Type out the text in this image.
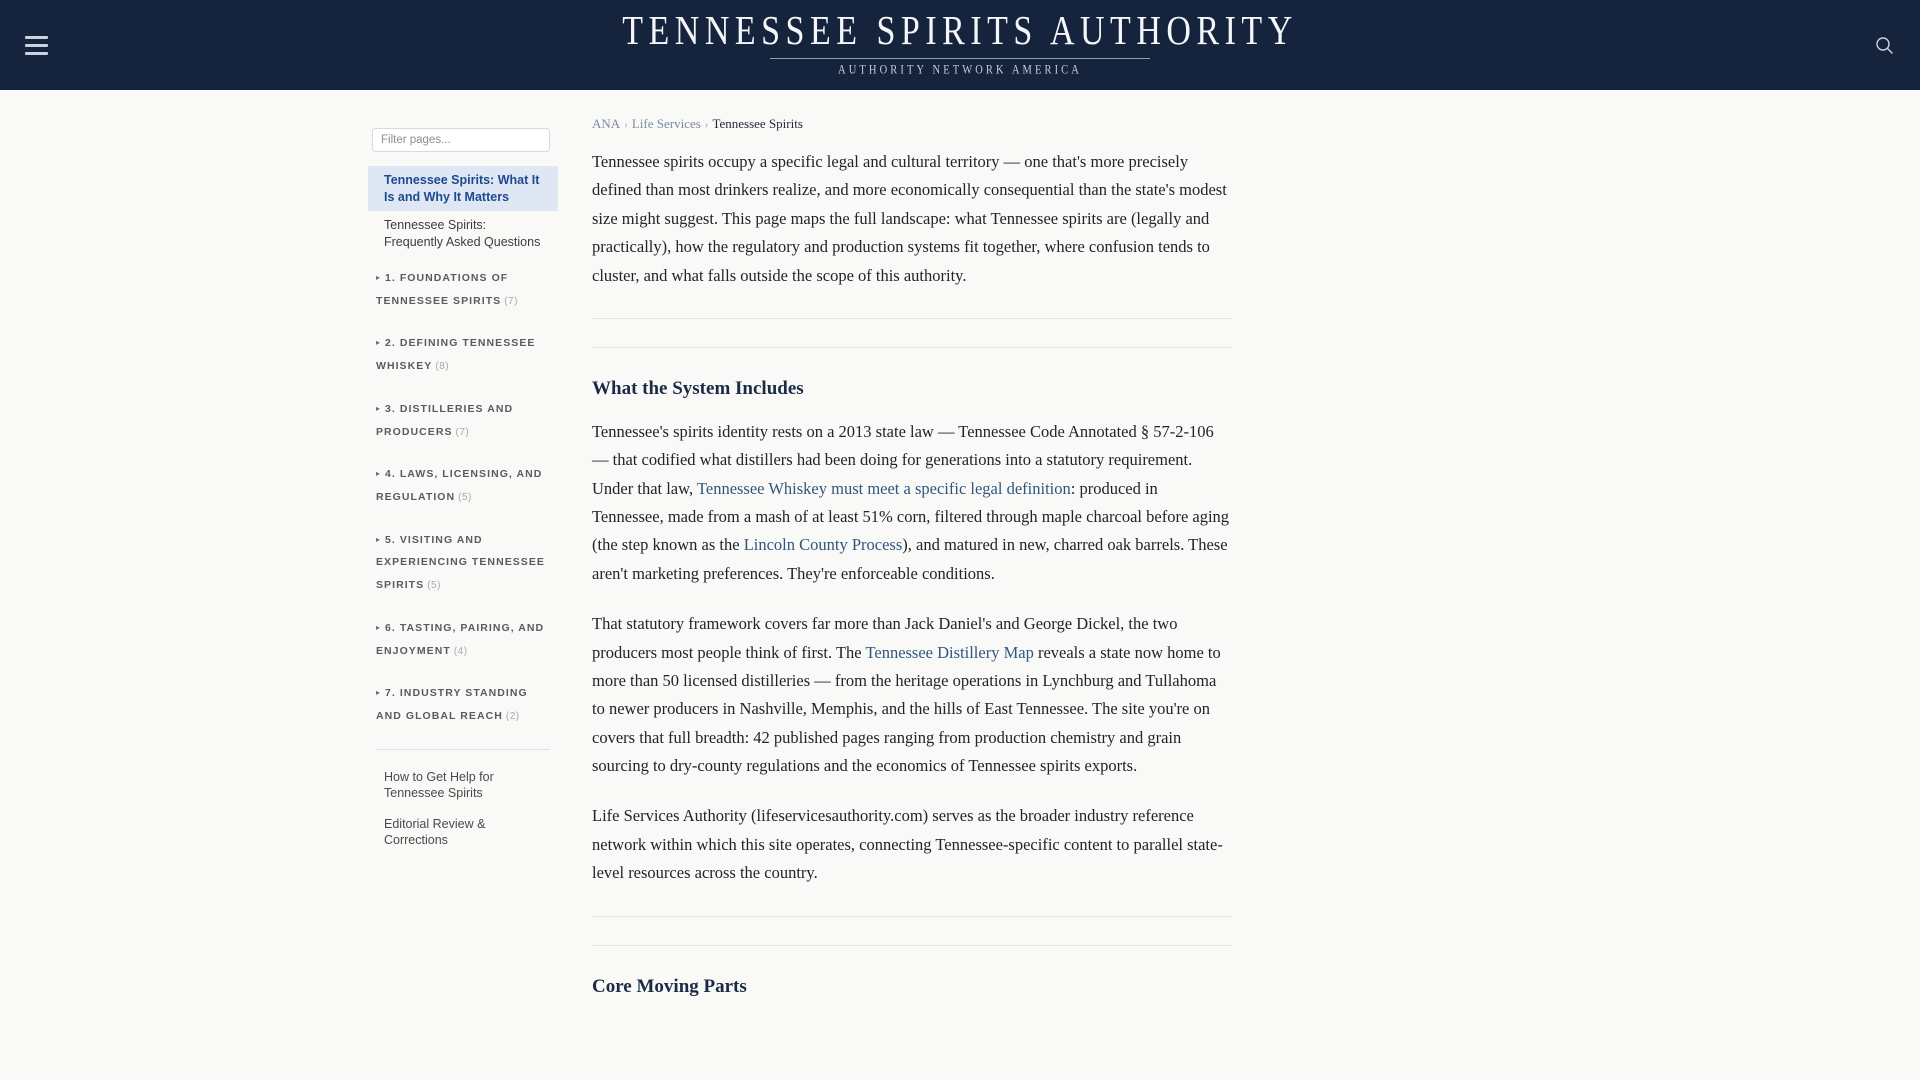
TENNESSEE SPIRITS AUTHORITY
AUTHORITY NETWORK AMERICA
Filter pages...
Tennessee Spirits: What It Is and Why It Matters
Tennessee Spirits: Frequently Asked Questions
▸ 1. FOUNDATIONS OF TENNESSEE SPIRITS (7)
▸ 2. DEFINING TENNESSEE WHISKEY (8)
▸ 3. DISTILLERIES AND PRODUCERS (7)
▸ 4. LAWS, LICENSING, AND REGULATION (5)
▸ 5. VISITING AND EXPERIENCING TENNESSEE SPIRITS (5)
▸ 6. TASTING, PAIRING, AND ENJOYMENT (4)
▸ 7. INDUSTRY STANDING AND GLOBAL REACH (2)
How to Get Help for Tennessee Spirits
Editorial Review & Corrections
ANA › Life Services › Tennessee Spirits

Tennessee spirits occupy a specific legal and cultural territory — one that's more precisely defined than most drinkers realize, and more economically consequential than the state's modest size might suggest. This page maps the full landscape: what Tennessee spirits are (legally and practically), how the regulatory and production systems fit together, where confusion tends to cluster, and what falls outside the scope of this authority.

What the System Includes

Tennessee's spirits identity rests on a 2013 state law — Tennessee Code Annotated § 57-2-106 — that codified what distillers had been doing for generations into a statutory requirement. Under that law, Tennessee Whiskey must meet a specific legal definition: produced in Tennessee, made from a mash of at least 51% corn, filtered through maple charcoal before aging (the step known as the Lincoln County Process), and matured in new, charred oak barrels. These aren't marketing preferences. They're enforceable conditions.

That statutory framework covers far more than Jack Daniel's and George Dickel, the two producers most people think of first. The Tennessee Distillery Map reveals a state now home to more than 50 licensed distilleries — from the heritage operations in Lynchburg and Tullahoma to newer producers in Nashville, Memphis, and the hills of East Tennessee. The site you're on covers that full breadth: 42 published pages ranging from production chemistry and grain sourcing to dry-county regulations and the economics of Tennessee spirits exports.

Life Services Authority (lifeservicesauthority.com) serves as the broader industry reference network within which this site operates, connecting Tennessee-specific content to parallel state-level resources across the country.

Core Moving Parts
